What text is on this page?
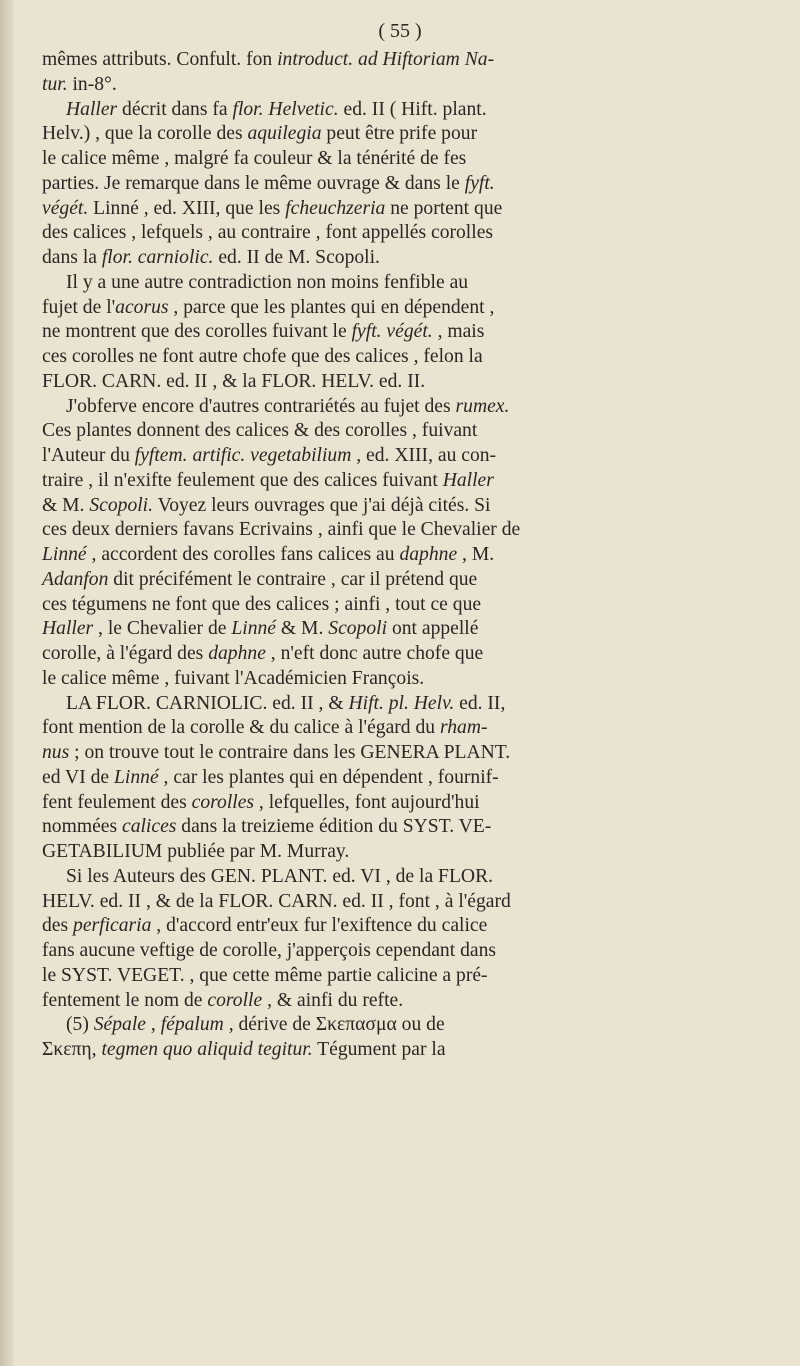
( 55 )
mêmes attributs. Confult. fon introduct. ad Hiftoriam Na-
tur. in-8°.
Haller décrit dans fa flor. Helvetic. ed. II ( Hift. plant.
Helv.) , que la corolle des aquilegia peut être prife pour
le calice même , malgré fa couleur & la ténérité de fes
parties. Je remarque dans le même ouvrage & dans le fyft.
végét. Linné , ed. XIII, que les fcheuchzeria ne portent que
des calices , lefquels , au contraire , font appellés corolles
dans la flor. carniolic. ed. II de M. Scopoli.
Il y a une autre contradiction non moins fenfible au
fujet de l'acorus , parce que les plantes qui en dépendent ,
ne montrent que des corolles fuivant le fyft. végét. , mais
ces corolles ne font autre chofe que des calices , felon la
FLOR. CARN. ed. II , & la FLOR. HELV. ed. II.
J'obferve encore d'autres contrariétés au fujet des rumex.
Ces plantes donnent des calices & des corolles , fuivant
l'Auteur du fyftem. artific. vegetabilium , ed. XIII, au con-
traire , il n'exifte feulement que des calices fuivant Haller
& M. Scopoli. Voyez leurs ouvrages que j'ai déjà cités. Si
ces deux derniers favans Ecrivains , ainfi que le Chevalier de
Linné , accordent des corolles fans calices au daphne , M.
Adanfon dit précifément le contraire , car il prétend que
ces tégumens ne font que des calices ; ainfi , tout ce que
Haller , le Chevalier de Linné & M. Scopoli ont appellé
corolle, à l'égard des daphne , n'eft donc autre chofe que
le calice même , fuivant l'Académicien François.
LA FLOR. CARNIOLIC. ed. II , & Hift. pl. Helv. ed. II,
font mention de la corolle & du calice à l'égard du rham-
nus ; on trouve tout le contraire dans les GENERA PLANT.
ed VI de Linné , car les plantes qui en dépendent , fournif-
fent feulement des corolles , lefquelles, font aujourd'hui
nommées calices dans la treizieme édition du SYST. VE-
GETABILIUM publiée par M. Murray.
Si les Auteurs des GEN. PLANT. ed. VI , de la FLOR.
HELV. ed. II , & de la FLOR. CARN. ed. II , font , à l'égard
des perficaria , d'accord entr'eux fur l'exiftence du calice
fans aucune veftige de corolle, j'apperçois cependant dans
le SYST. VEGET. , que cette même partie calicine a pré-
fentement le nom de corolle , & ainfi du refte.
(5) Sépale , fépalum , dérive de Σκεπασμα ou de
Σκεπη, tegmen quo aliquid tegitur. Tégument par la
